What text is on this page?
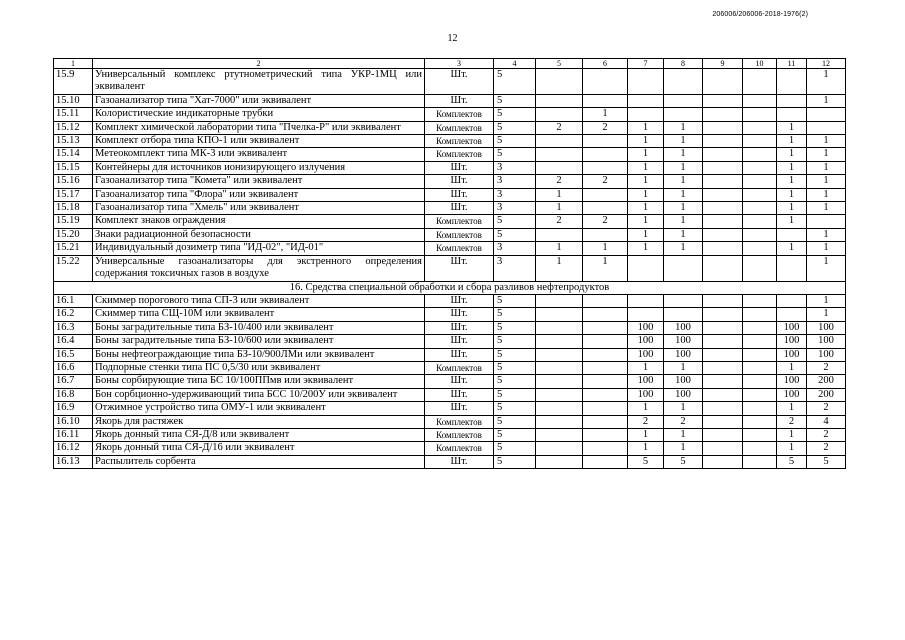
206006/206006-2018-1976(2)
12
1	2	3	4	5	6	7	8	9	10	11	12
15.9	Универсальный комплекс ртутнометрический типа УКР-1МЦ или эквивалент	Шт.	5								1
15.10	Газоанализатор типа "Хат-7000" или эквивалент	Шт.	5								1
15.11	Колористические индикаторные трубки	Комплектов	5		1						
15.12	Комплект химической лаборатории типа "Пчелка-Р" или эквивалент	Комплектов	5	2	2	1	1			1	
15.13	Комплект отбора типа КПО-1 или эквивалент	Комплектов	5			1	1			1	1
15.14	Метеокомплект типа МК-3 или эквивалент	Комплектов	5			1	1			1	1
15.15	Контейнеры для источников ионизирующего излучения	Шт.	3			1	1			1	1
15.16	Газоанализатор типа "Комета" или эквивалент	Шт.	3	2	2	1	1			1	1
15.17	Газоанализатор типа "Флора" или эквивалент	Шт.	3	1		1	1			1	1
15.18	Газоанализатор типа "Хмель" или эквивалент	Шт.	3	1		1	1			1	1
15.19	Комплект знаков ограждения	Комплектов	5	2	2	1	1			1	
15.20	Знаки радиационной безопасности	Комплектов	5			1	1				1
15.21	Индивидуальный дозиметр типа "ИД-02", "ИД-01"	Комплектов	3	1	1	1	1			1	1
15.22	Универсальные газоанализаторы для экстренного определения содержания токсичных газов в воздухе	Шт.	3	1	1						1
16. Средства специальной обработки и сбора разливов нефтепродуктов											
16.1	Скиммер порогового типа СП-3 или эквивалент	Шт.	5								1
16.2	Скиммер типа СЩ-10М или эквивалент	Шт.	5								1
16.3	Боны заградительные типа БЗ-10/400 или эквивалент	Шт.	5			100	100			100	100
16.4	Боны заградительные типа БЗ-10/600 или эквивалент	Шт.	5			100	100			100	100
16.5	Боны нефтеограждающие типа БЗ-10/900ЛМи или эквивалент	Шт.	5			100	100			100	100
16.6	Подпорные стенки типа ПС 0,5/30 или эквивалент	Комплектов	5			1	1			1	2
16.7	Боны сорбирующие типа БС 10/100ППмв или эквивалент	Шт.	5			100	100			100	200
16.8	Бон сорбционно-удерживающий типа БСС 10/200У или эквивалент	Шт.	5			100	100			100	200
16.9	Отжимное устройство типа ОМУ-1 или эквивалент	Шт.	5			1	1			1	2
16.10	Якорь для растяжек	Комплектов	5			2	2			2	4
16.11	Якорь донный типа СЯ-Д/8 или эквивалент	Комплектов	5			1	1			1	2
16.12	Якорь донный типа СЯ-Д/16 или эквивалент	Комплектов	5			1	1			1	2
16.13	Распылитель сорбента	Шт.	5			5	5			5	5
